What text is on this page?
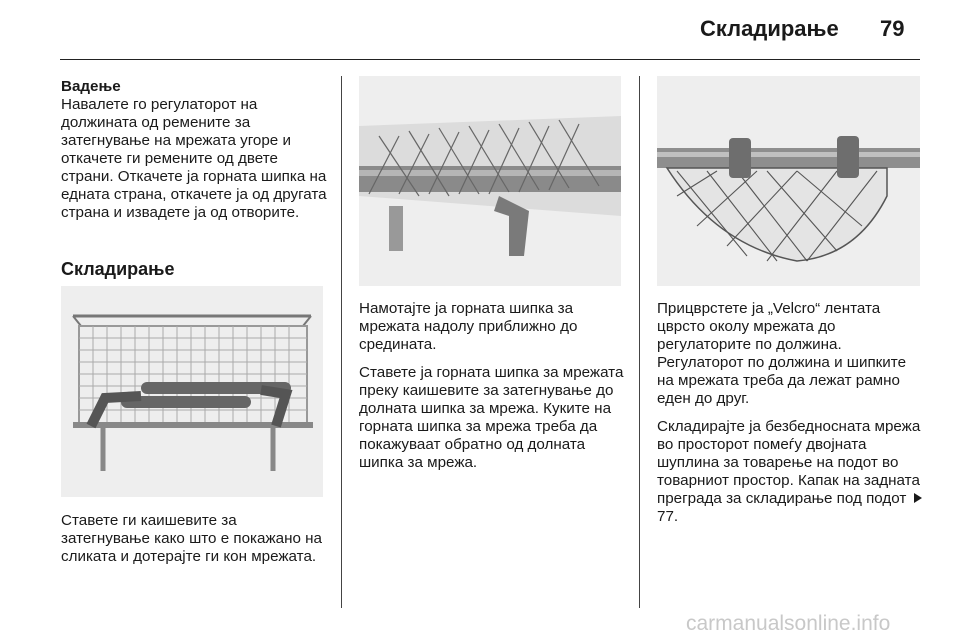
Складирање 79
Вадење

Навалете го регулаторот на должината од ремените за затегнување на мрежата угоре и откачете ги ремените од двете страни. Откачете ја горната шипка на едната страна, откачете ја од другата страна и извадете ја од отворите.

Складирање
Ставете ги каишевите за затегнување како што е покажано на сликата и дотерајте ги кон мрежата.

Намотајте ја горната шипка за мрежата надолу приближно до средината.

Ставете ја горната шипка за мрежата преку каишевите за затегнување до долната шипка за мрежа. Куките на горната шипка за мрежа треба да покажуваат обратно од долната шипка за мрежа.

Прицврстете ја „Velcro“ лентата цврсто околу мрежата до регулаторите по должина. Регулаторот по должина и шипките на мрежата треба да лежат рамно еден до друг.

Складирајте ја безбедносната мрежа во просторот помеѓу двојната шуплина за товарење на подот во товарниот простор. Капак на задната преграда за складирање под подот 77.

carmanualsonline.info
